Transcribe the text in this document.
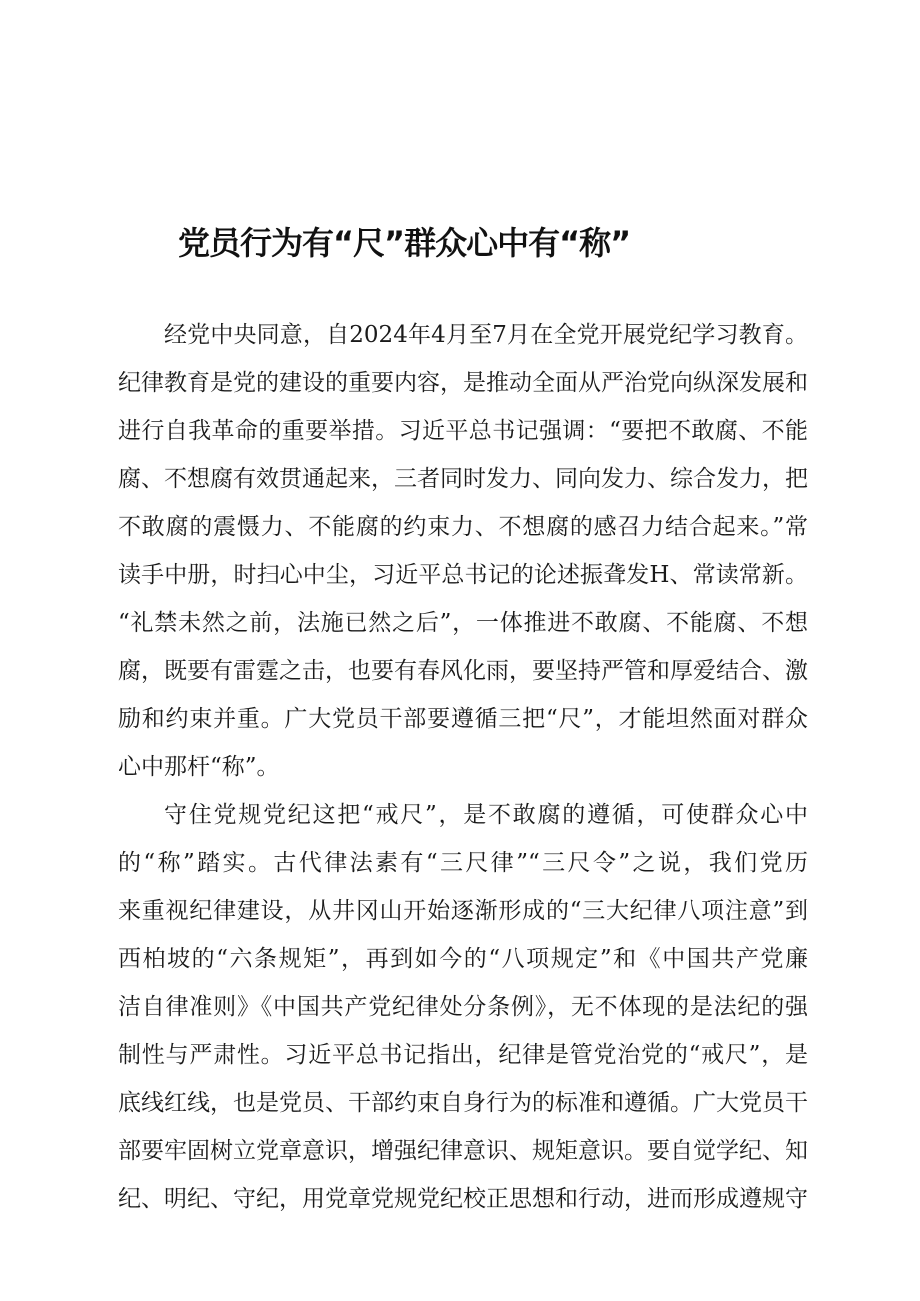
党员行为有“尺”群众心中有“称”

经党中央同意，自2024年4月至7月在全党开展党纪学习教育。
纪律教育是党的建设的重要内容，是推动全面从严治党向纵深发展和
进行自我革命的重要举措。习近平总书记强调：“要把不敢腐、不能
腐、不想腐有效贯通起来，三者同时发力、同向发力、综合发力，把
不敢腐的震慑力、不能腐的约束力、不想腐的感召力结合起来。”常
读手中册，时扫心中尘，习近平总书记的论述振聋发H、常读常新。
“礼禁未然之前，法施已然之后”，一体推进不敢腐、不能腐、不想
腐，既要有雷霆之击，也要有春风化雨，要坚持严管和厚爱结合、激
励和约束并重。广大党员干部要遵循三把“尺”，才能坦然面对群众
心中那杆“称”。

守住党规党纪这把“戒尺”，是不敢腐的遵循，可使群众心中
的“称”踏实。古代律法素有“三尺律”“三尺令”之说，我们党历
来重视纪律建设，从井冈山开始逐渐形成的“三大纪律八项注意”到
西柏坡的“六条规矩”，再到如今的“八项规定”和《中国共产党廉
洁自律准则》《中国共产党纪律处分条例》，无不体现的是法纪的强
制性与严肃性。习近平总书记指出，纪律是管党治党的“戒尺”，是
底线红线，也是党员、干部约束自身行为的标准和遵循。广大党员干
部要牢固树立党章意识，增强纪律意识、规矩意识。要自觉学纪、知
纪、明纪、守纪，用党章党规党纪校正思想和行动，进而形成遵规守
